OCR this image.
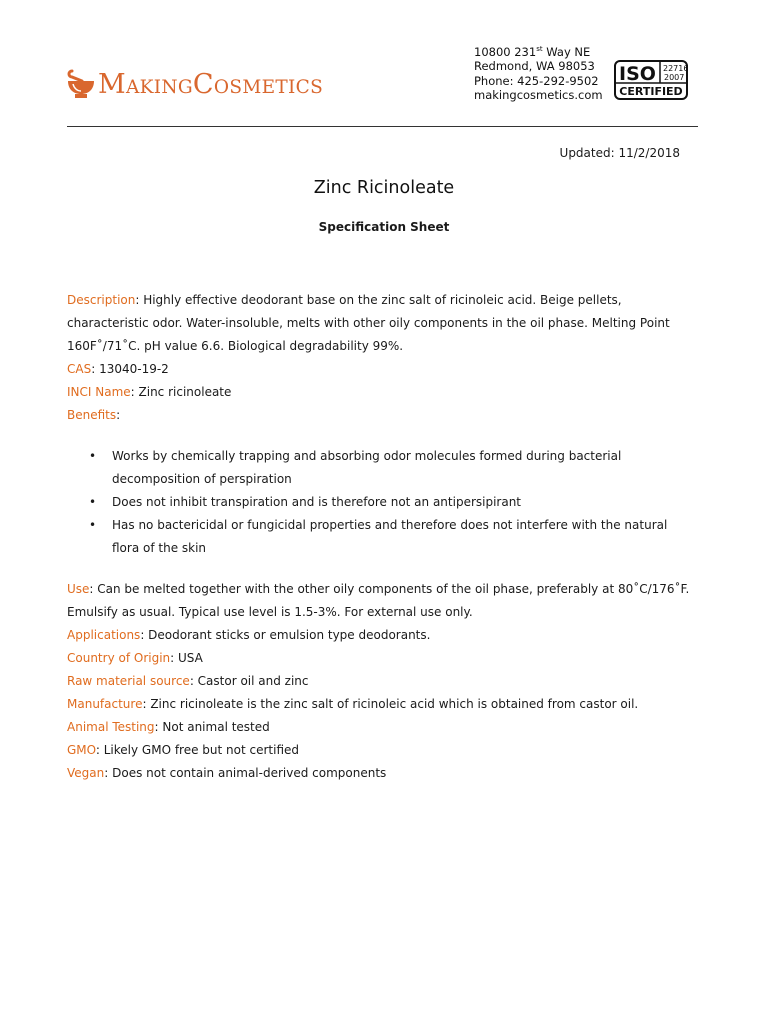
MAKINGCOSMETICS
10800 231st Way NE
Redmond, WA 98053
Phone: 425-292-9502
makingcosmetics.com
ISO 22716
2007
CERTIFIED
Updated: 11/2/2018
Zinc Ricinoleate
Specification Sheet

Description: Highly effective deodorant base on the zinc salt of ricinoleic acid. Beige pellets, characteristic odor. Water-insoluble, melts with other oily components in the oil phase. Melting Point 160F˚/71˚C. pH value 6.6. Biological degradability 99%.

CAS: 13040-19-2

INCI Name: Zinc ricinoleate

Benefits:

• Works by chemically trapping and absorbing odor molecules formed during bacterial decomposition of perspiration
• Does not inhibit transpiration and is therefore not an antipersipirant
• Has no bactericidal or fungicidal properties and therefore does not interfere with the natural flora of the skin

Use: Can be melted together with the other oily components of the oil phase, preferably at 80˚C/176˚F. Emulsify as usual. Typical use level is 1.5-3%. For external use only.

Applications: Deodorant sticks or emulsion type deodorants.

Country of Origin: USA

Raw material source: Castor oil and zinc

Manufacture: Zinc ricinoleate is the zinc salt of ricinoleic acid which is obtained from castor oil.

Animal Testing: Not animal tested

GMO: Likely GMO free but not certified

Vegan: Does not contain animal-derived components
